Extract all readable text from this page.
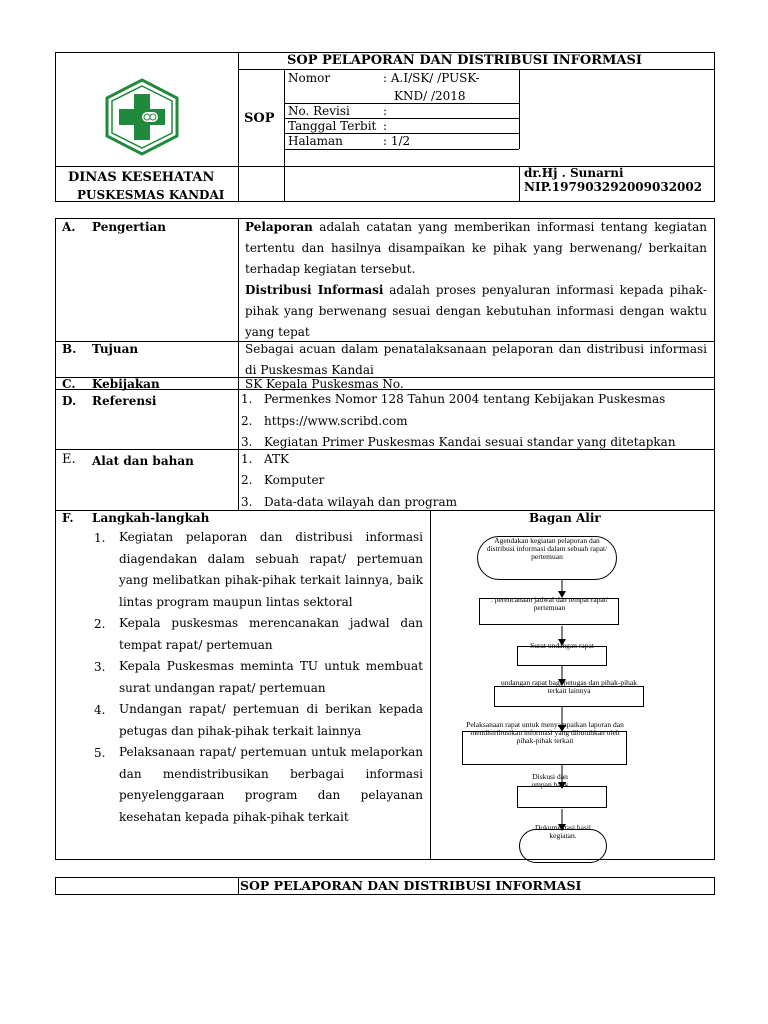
SOP PELAPORAN DAN DISTRIBUSI INFORMASI
SOP
Nomor	: A.I/SK/ /PUSK-
KND/ /2018
No. Revisi	:
Tanggal Terbit :
Halaman	: 1/2
DINAS KESEHATAN
PUSKESMAS KANDAI
dr.Hj . Sunarni
NIP.197903292009032002
A. Pengertian	Pelaporan adalah catatan yang memberikan informasi tentang kegiatan tertentu dan hasilnya disampaikan ke pihak yang berwenang/ berkaitan terhadap kegiatan tersebut.

Distribusi Informasi adalah proses penyaluran informasi kepada pihak-pihak yang berwenang sesuai dengan kebutuhan informasi dengan waktu yang tepat

B. Tujuan	Sebagai acuan dalam penatalaksanaan pelaporan dan distribusi informasi di Puskesmas Kandai
C. Kebijakan	SK Kepala Puskesmas No.
D. Referensi	1. Permenkes Nomor 128 Tahun 2004 tentang Kebijakan Puskesmas
2. https://www.scribd.com
3. Kegiatan Primer Puskesmas Kandai sesuai standar yang ditetapkan
E. Alat dan bahan	1. ATK
2. Komputer
3. Data-data wilayah dan program
F. Langkah-langkah
1. Kegiatan pelaporan dan distribusi informasi diagendakan dalam sebuah rapat/ pertemuan yang melibatkan pihak-pihak terkait lainnya, baik lintas program maupun lintas sektoral
2. Kepala puskesmas merencanakan jadwal dan tempat rapat/ pertemuan
3. Kepala Puskesmas meminta TU untuk membuat surat undangan rapat/ pertemuan
4. Undangan rapat/ pertemuan di berikan kepada petugas dan pihak-pihak terkait lainnya
5. Pelaksanaan rapat/ pertemuan untuk melaporkan dan mendistribusikan berbagai informasi penyelenggaraan program dan pelayanan kesehatan kepada pihak-pihak terkait
Bagan Alir
Agendakan kegiatan pelaporan dan distribusi informasi dalam sebuah rapat/ pertemuan
. perencanaan jadwal dan tempat rapat/ pertemuan
Surat undangan rapat
undangan rapat bagi petugas dan pihak-pihak terkait lainnya
Pelaksanaan rapat untuk menyampaikan laporan dan mendistribusikan informasi yang dibutuhkan oleh pihak-pihak terkait
Diskusi dan umpan balik
Dokumentasi hasil kegiatan.
SOP PELAPORAN DAN DISTRIBUSI INFORMASI
